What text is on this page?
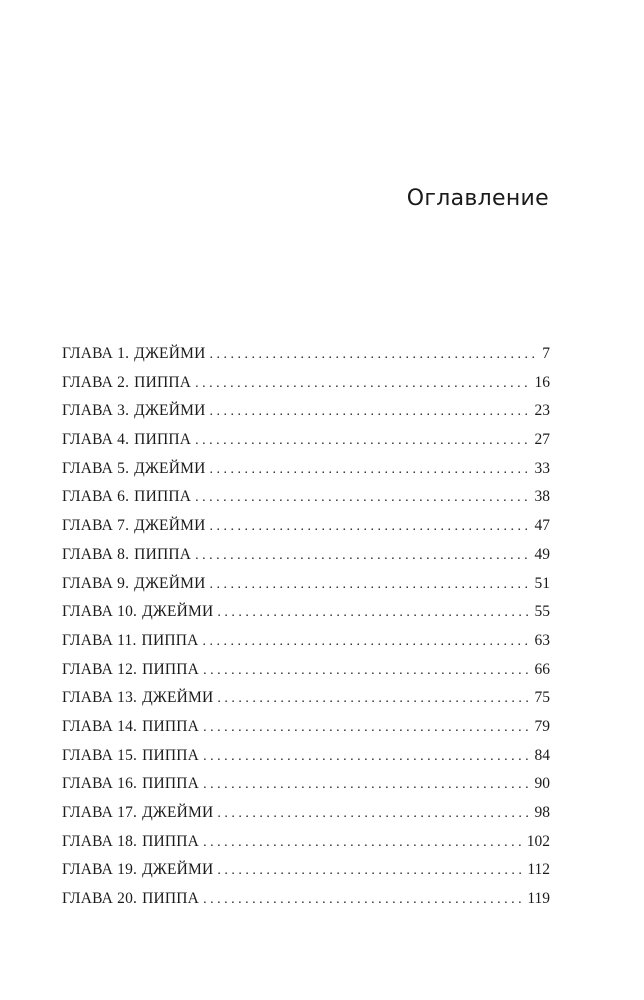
Оглавление
ГЛАВА 1. ДЖЕЙМИ . . .	7
ГЛАВА 2. ПИППА . . .	16
ГЛАВА 3. ДЖЕЙМИ . . .	23
ГЛАВА 4. ПИППА . . .	27
ГЛАВА 5. ДЖЕЙМИ . . .	33
ГЛАВА 6. ПИППА . . .	38
ГЛАВА 7. ДЖЕЙМИ . . .	47
ГЛАВА 8. ПИППА . . .	49
ГЛАВА 9. ДЖЕЙМИ . . .	51
ГЛАВА 10. ДЖЕЙМИ . . .	55
ГЛАВА 11. ПИППА . . .	63
ГЛАВА 12. ПИППА . . .	66
ГЛАВА 13. ДЖЕЙМИ . . .	75
ГЛАВА 14. ПИППА . . .	79
ГЛАВА 15. ПИППА . . .	84
ГЛАВА 16. ПИППА . . .	90
ГЛАВА 17. ДЖЕЙМИ . . .	98
ГЛАВА 18. ПИППА . . .	102
ГЛАВА 19. ДЖЕЙМИ . . .	112
ГЛАВА 20. ПИППА . . .	119
